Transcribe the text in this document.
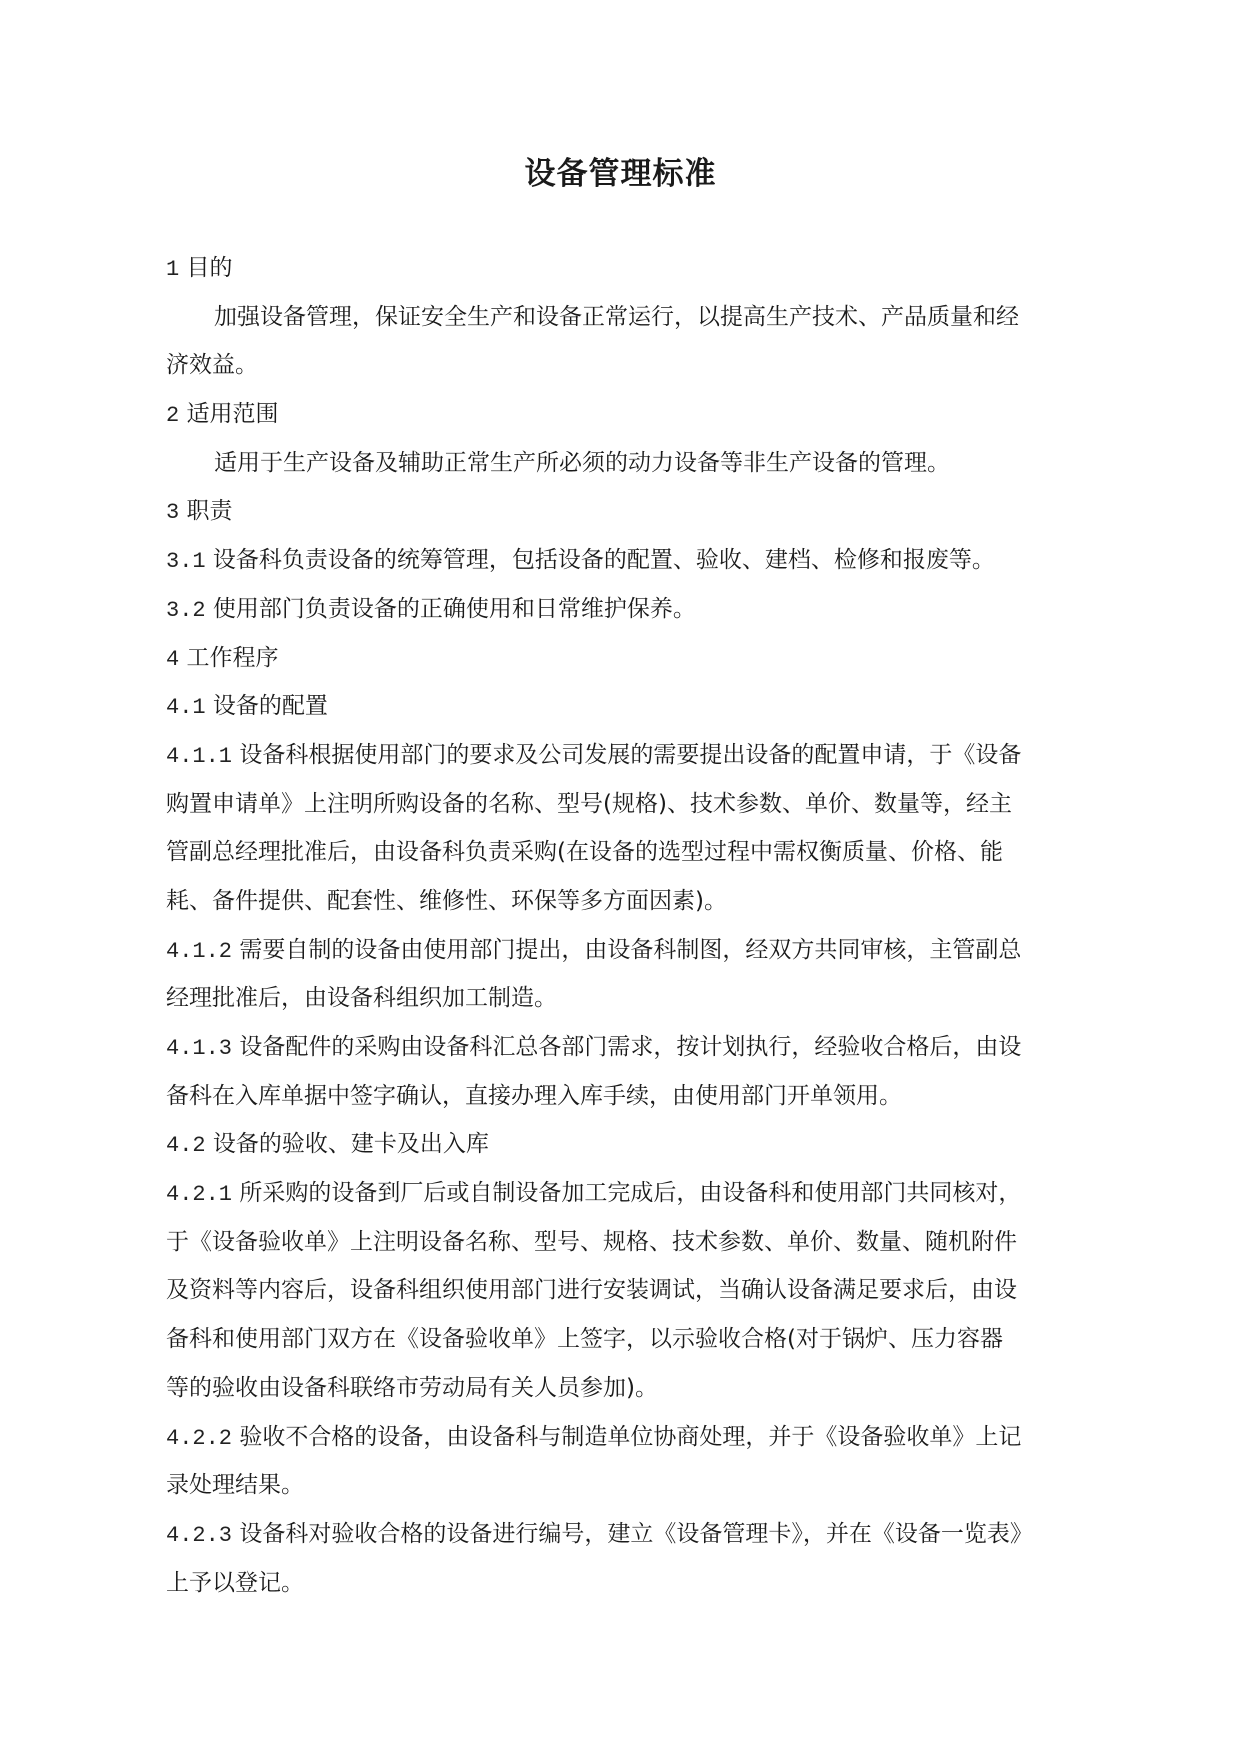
设备管理标准

1 目的

加强设备管理，保证安全生产和设备正常运行，以提高生产技术、产品质量和经

济效益。

2 适用范围

适用于生产设备及辅助正常生产所必须的动力设备等非生产设备的管理。

3 职责

3.1 设备科负责设备的统筹管理，包括设备的配置、验收、建档、检修和报废等。

3.2 使用部门负责设备的正确使用和日常维护保养。

4 工作程序

4.1 设备的配置

4.1.1 设备科根据使用部门的要求及公司发展的需要提出设备的配置申请，于《设备

购置申请单》上注明所购设备的名称、型号(规格)、技术参数、单价、数量等，经主

管副总经理批准后，由设备科负责采购(在设备的选型过程中需权衡质量、价格、能

耗、备件提供、配套性、维修性、环保等多方面因素)。

4.1.2 需要自制的设备由使用部门提出，由设备科制图，经双方共同审核，主管副总

经理批准后，由设备科组织加工制造。

4.1.3 设备配件的采购由设备科汇总各部门需求，按计划执行，经验收合格后，由设

备科在入库单据中签字确认，直接办理入库手续，由使用部门开单领用。

4.2 设备的验收、建卡及出入库

4.2.1 所采购的设备到厂后或自制设备加工完成后，由设备科和使用部门共同核对，

于《设备验收单》上注明设备名称、型号、规格、技术参数、单价、数量、随机附件

及资料等内容后，设备科组织使用部门进行安装调试，当确认设备满足要求后，由设

备科和使用部门双方在《设备验收单》上签字，以示验收合格(对于锅炉、压力容器

等的验收由设备科联络市劳动局有关人员参加)。

4.2.2 验收不合格的设备，由设备科与制造单位协商处理，并于《设备验收单》上记

录处理结果。

4.2.3 设备科对验收合格的设备进行编号，建立《设备管理卡》，并在《设备一览表》

上予以登记。
